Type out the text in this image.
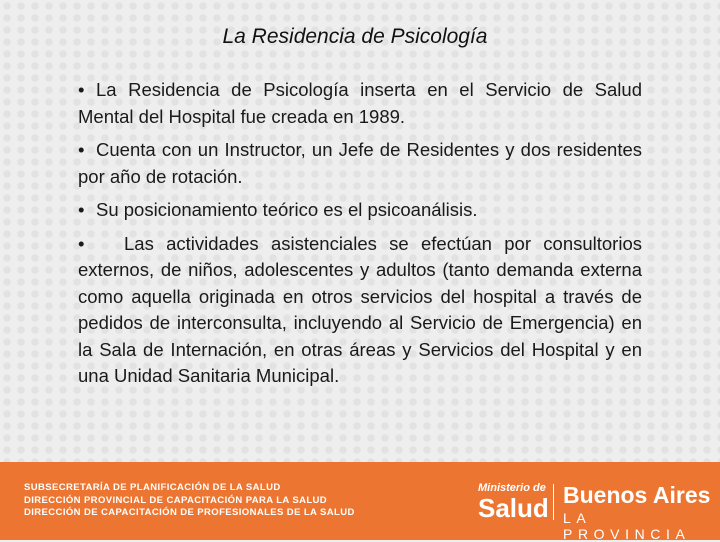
La Residencia de Psicología

• La Residencia de Psicología inserta en el Servicio de Salud Mental del Hospital fue creada en 1989.

• Cuenta con un Instructor, un Jefe de Residentes y dos residentes por año de rotación.

• Su posicionamiento teórico es el psicoanálisis.

• Las actividades asistenciales se efectúan por consultorios externos, de niños, adolescentes y adultos (tanto demanda externa como aquella originada en otros servicios del hospital a través de pedidos de interconsulta, incluyendo al Servicio de Emergencia) en la Sala de Internación, en otras áreas y Servicios del Hospital y en una Unidad Sanitaria Municipal.

SUBSECRETARÍA DE PLANIFICACIÓN DE LA SALUD
DIRECCIÓN PROVINCIAL DE CAPACITACIÓN PARA LA SALUD
DIRECCIÓN DE CAPACITACIÓN DE PROFESIONALES DE LA SALUD
Ministerio de
Salud Buenos Aires
LA PROVINCIA
